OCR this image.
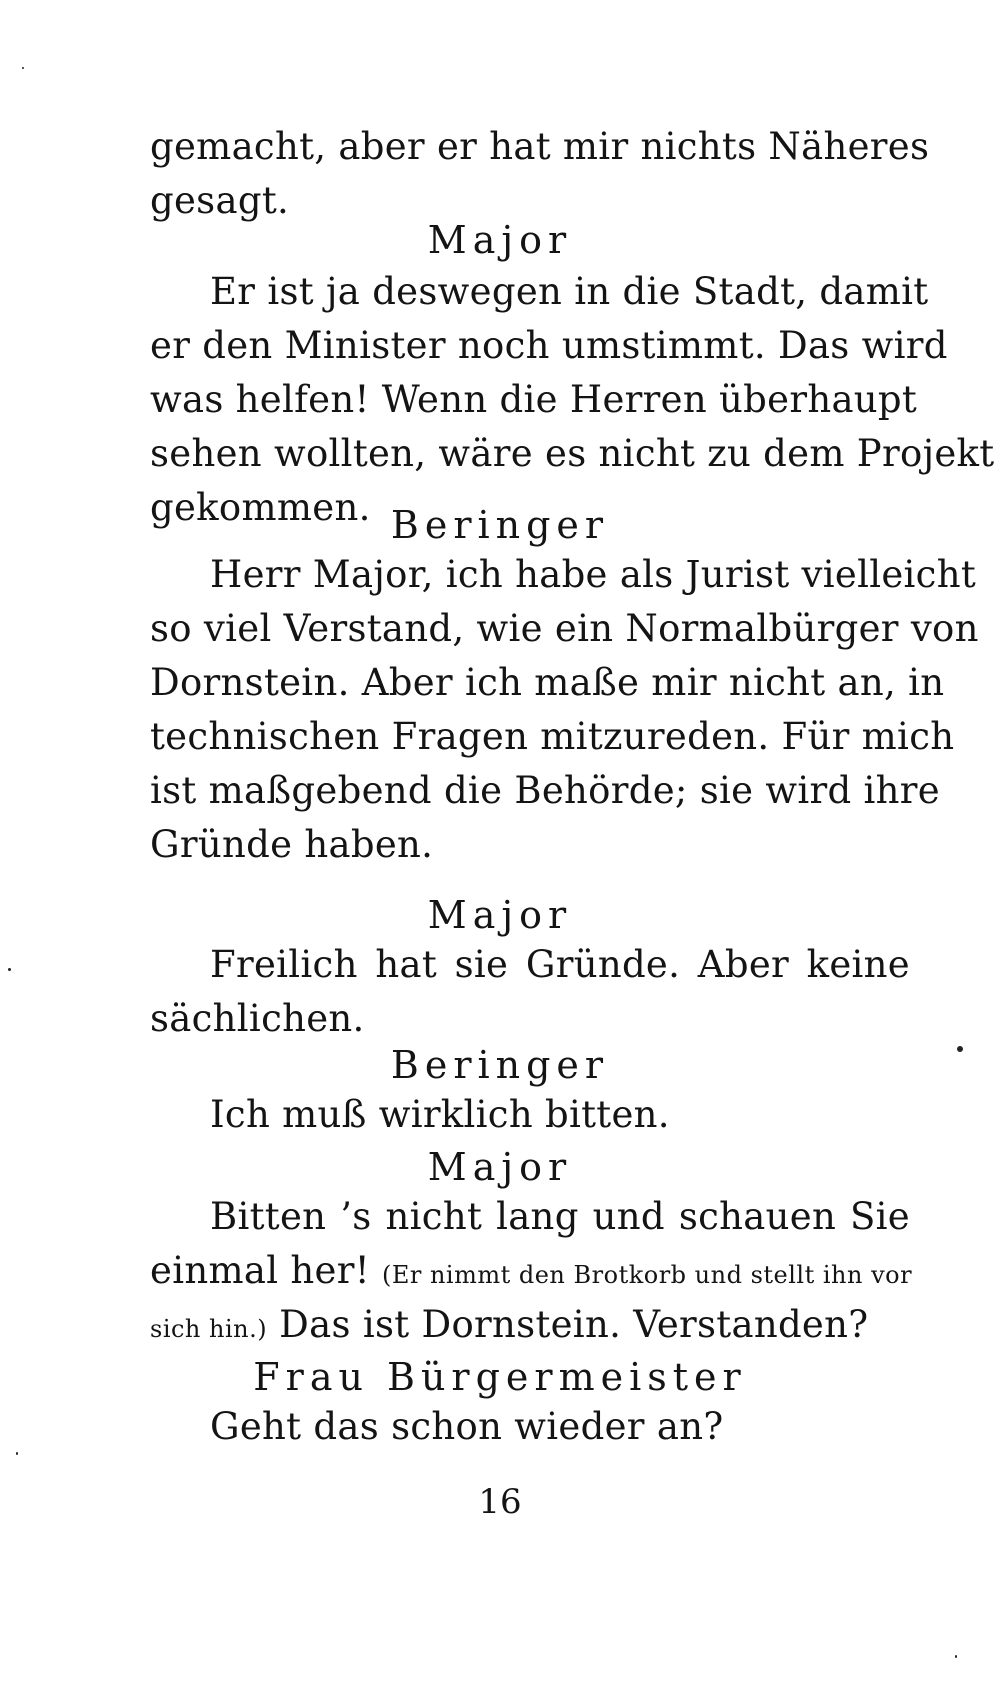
gemacht, aber er hat mir nichts Näheres
gesagt.
Major
Er ist ja deswegen in die Stadt, damit
er den Minister noch umstimmt. Das wird
was helfen! Wenn die Herren überhaupt
sehen wollten, wäre es nicht zu dem Projekt
gekommen. Beringer
Herr Major, ich habe als Jurist vielleicht
so viel Verstand, wie ein Normalbürger von
Dornstein. Aber ich maße mir nicht an, in
technischen Fragen mitzureden. Für mich
ist maßgebend die Behörde; sie wird ihre
Gründe haben.
Major
Freilich hat sie Gründe. Aber keine
sächlichen.
Beringer
Ich muß wirklich bitten.
Major
Bitten ’s nicht lang und schauen Sie
einmal her! (Er nimmt den Brotkorb und stellt ihn vor
sich hin.) Das ist Dornstein. Verstanden?
Frau Bürgermeister
Geht das schon wieder an?
16
